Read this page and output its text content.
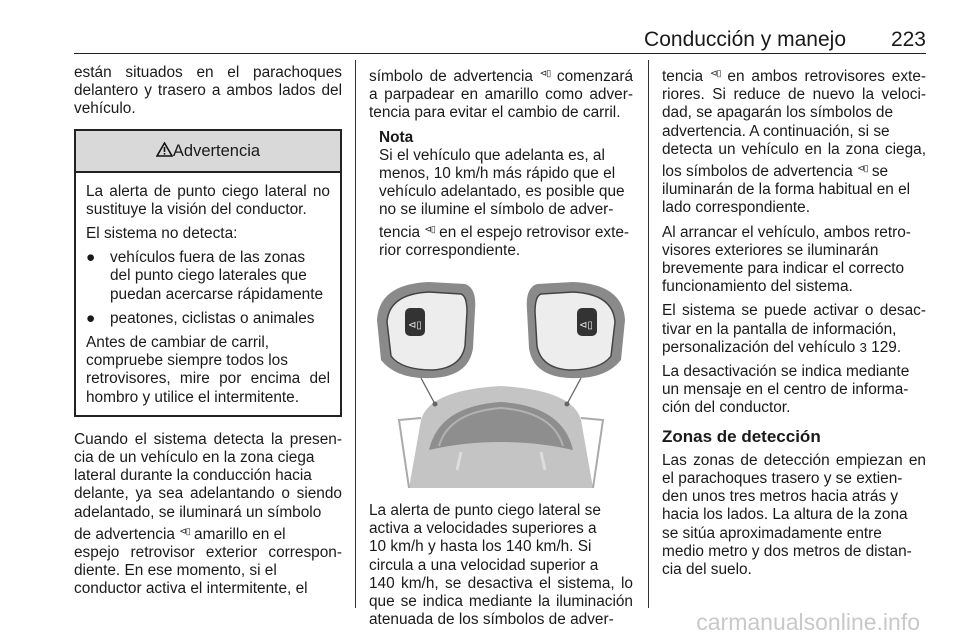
Conducción y manejo 223
están situados en el parachoques
delantero y trasero a ambos lados del
vehículo.
Advertencia
La alerta de punto ciego lateral no
sustituye la visión del conductor.
El sistema no detecta:
● vehículos fuera de las zonas
del punto ciego laterales que
puedan acercarse rápidamente
● peatones, ciclistas o animales
Antes de cambiar de carril,
compruebe siempre todos los
retrovisores, mire por encima del
hombro y utilice el intermitente.
Cuando el sistema detecta la presen-
cia de un vehículo en la zona ciega
lateral durante la conducción hacia
delante, ya sea adelantando o siendo
adelantado, se iluminará un símbolo
de advertencia ⊲▯ amarillo en el
espejo retrovisor exterior correspon-
diente. En ese momento, si el
conductor activa el intermitente, el
símbolo de advertencia ⊲▯ comenzará
a parpadear en amarillo como adver-
tencia para evitar el cambio de carril.
Nota
Si el vehículo que adelanta es, al
menos, 10 km/h más rápido que el
vehículo adelantado, es posible que
no se ilumine el símbolo de adver-
tencia ⊲▯ en el espejo retrovisor exte-
rior correspondiente.
⊲▯	⊲▯
La alerta de punto ciego lateral se
activa a velocidades superiores a
10 km/h y hasta los 140 km/h. Si
circula a una velocidad superior a
140 km/h, se desactiva el sistema, lo
que se indica mediante la iluminación
atenuada de los símbolos de adver-
tencia ⊲▯ en ambos retrovisores exte-
riores. Si reduce de nuevo la veloci-
dad, se apagarán los símbolos de
advertencia. A continuación, si se
detecta un vehículo en la zona ciega,
los símbolos de advertencia ⊲▯ se
iluminarán de la forma habitual en el
lado correspondiente.
Al arrancar el vehículo, ambos retro-
visores exteriores se iluminarán
brevemente para indicar el correcto
funcionamiento del sistema.
El sistema se puede activar o desac-
tivar en la pantalla de información,
personalización del vehículo 3 129.
La desactivación se indica mediante
un mensaje en el centro de informa-
ción del conductor.
Zonas de detección
Las zonas de detección empiezan en
el parachoques trasero y se extien-
den unos tres metros hacia atrás y
hacia los lados. La altura de la zona
se sitúa aproximadamente entre
medio metro y dos metros de distan-
cia del suelo.
carmanualsonline.info
